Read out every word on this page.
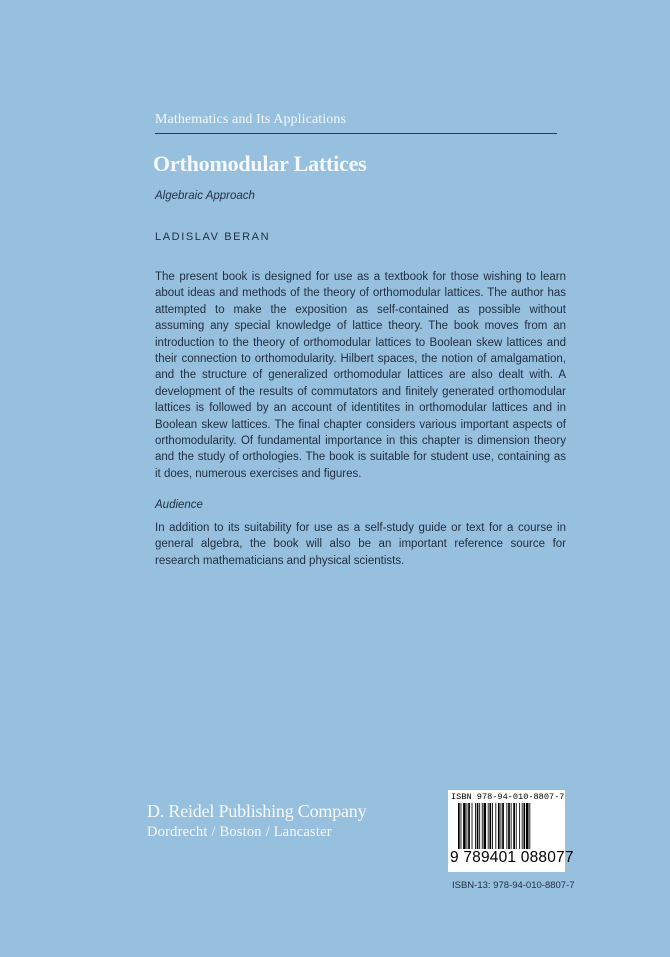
Mathematics and Its Applications
Orthomodular Lattices
Algebraic Approach
LADISLAV BERAN
The present book is designed for use as a textbook for those wishing to learn about ideas and methods of the theory of orthomodular lattices. The author has attempted to make the exposition as self-contained as possible without assuming any special knowledge of lattice theory. The book moves from an introduction to the theory of orthomodular lattices to Boolean skew lattices and their connection to orthomodularity. Hilbert spaces, the notion of amalgamation, and the structure of generalized orthomodular lattices are also dealt with. A development of the results of commutators and finitely generated orthomodular lattices is followed by an account of identitites in orthomodular lattices and in Boolean skew lattices. The final chapter considers various important aspects of orthomodularity. Of fundamental importance in this chapter is dimension theory and the study of orthologies. The book is suitable for student use, containing as it does, numerous exercises and figures.
Audience
In addition to its suitability for use as a self-study guide or text for a course in general algebra, the book will also be an important reference source for research mathematicians and physical scientists.
D. Reidel Publishing Company
Dordrecht / Boston / Lancaster
ISBN 978-94-010-8807-7
9 789401 088077
ISBN-13: 978-94-010-8807-7
